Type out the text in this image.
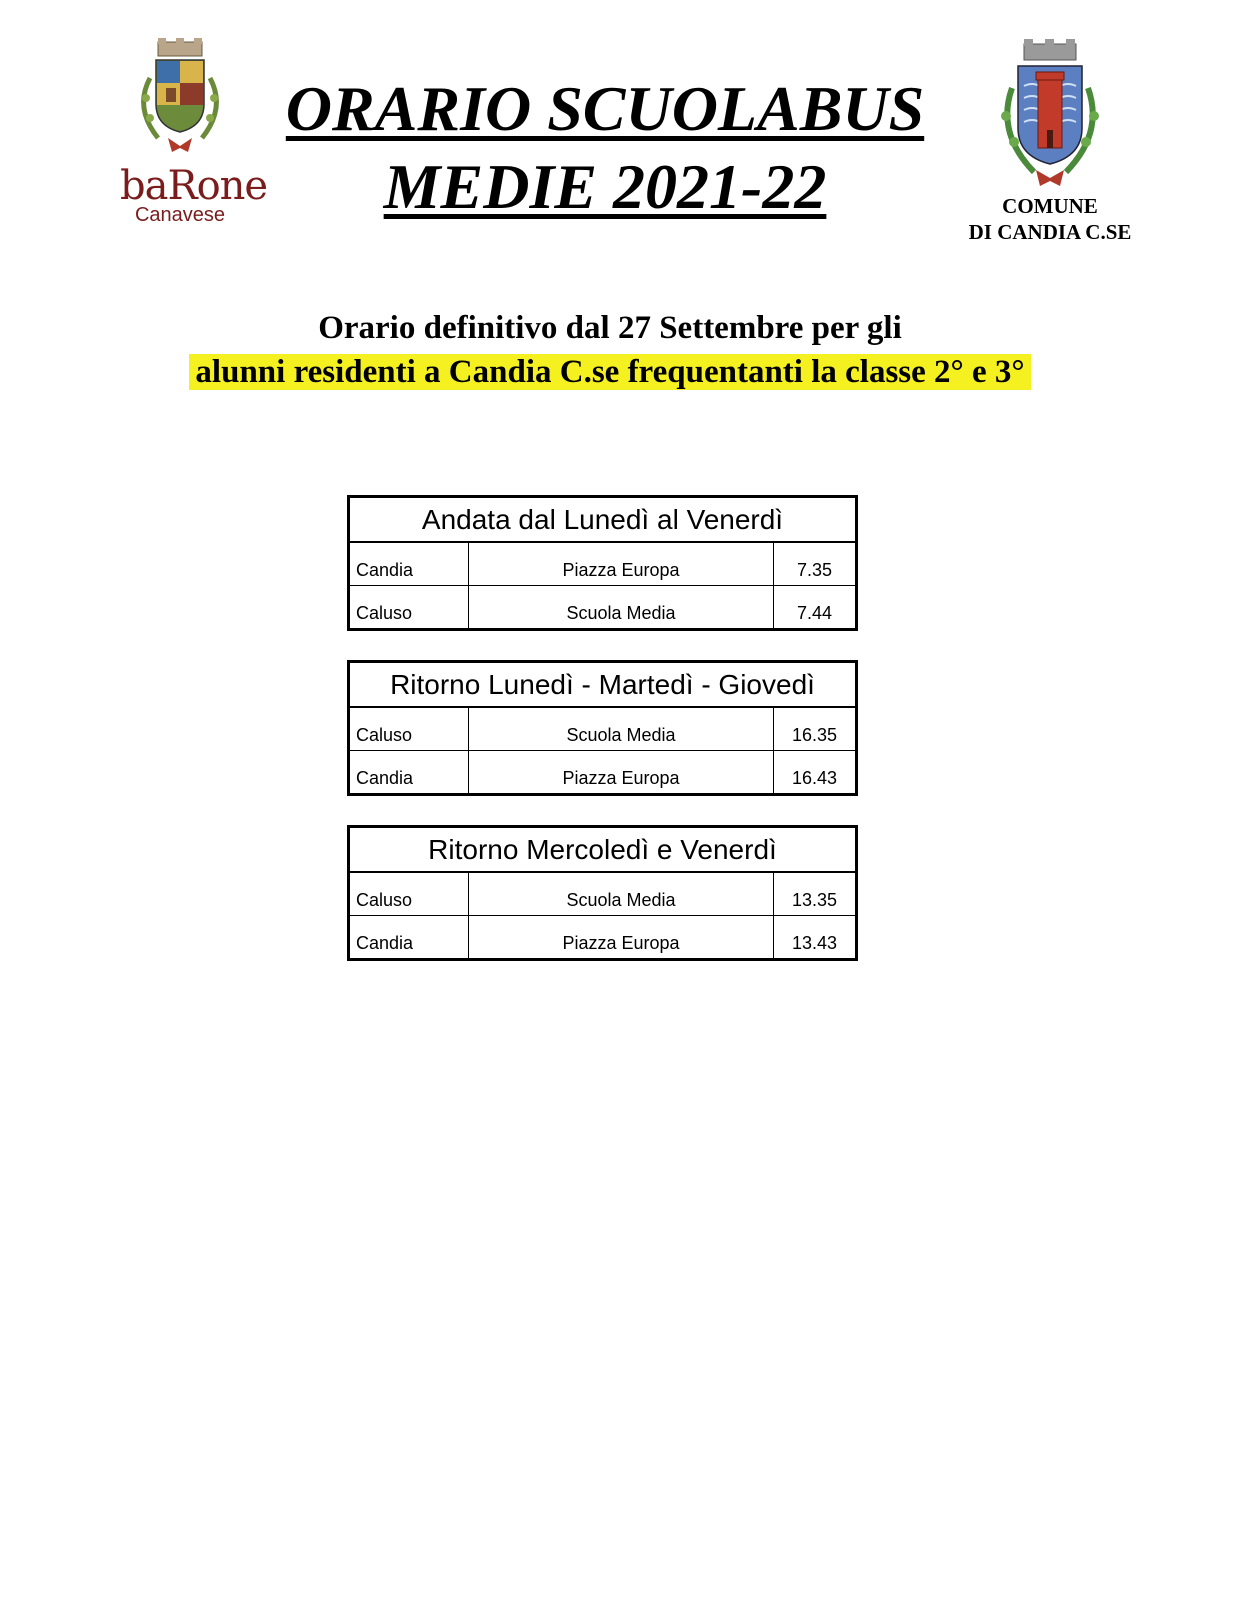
baRone
Canavese
ORARIO SCUOLABUS
MEDIE 2021-22	COMUNE
DI CANDIA C.SE
Orario definitivo dal 27 Settembre per gli
alunni residenti a Candia C.se frequentanti la classe 2° e 3°
Andata dal Lunedì al Venerdì		
Candia	Piazza Europa	7.35
Caluso	Scuola Media	7.44
Ritorno Lunedì - Martedì - Giovedì		
Caluso	Scuola Media	16.35
Candia	Piazza Europa	16.43
Ritorno Mercoledì e Venerdì		
Caluso	Scuola Media	13.35
Candia	Piazza Europa	13.43
